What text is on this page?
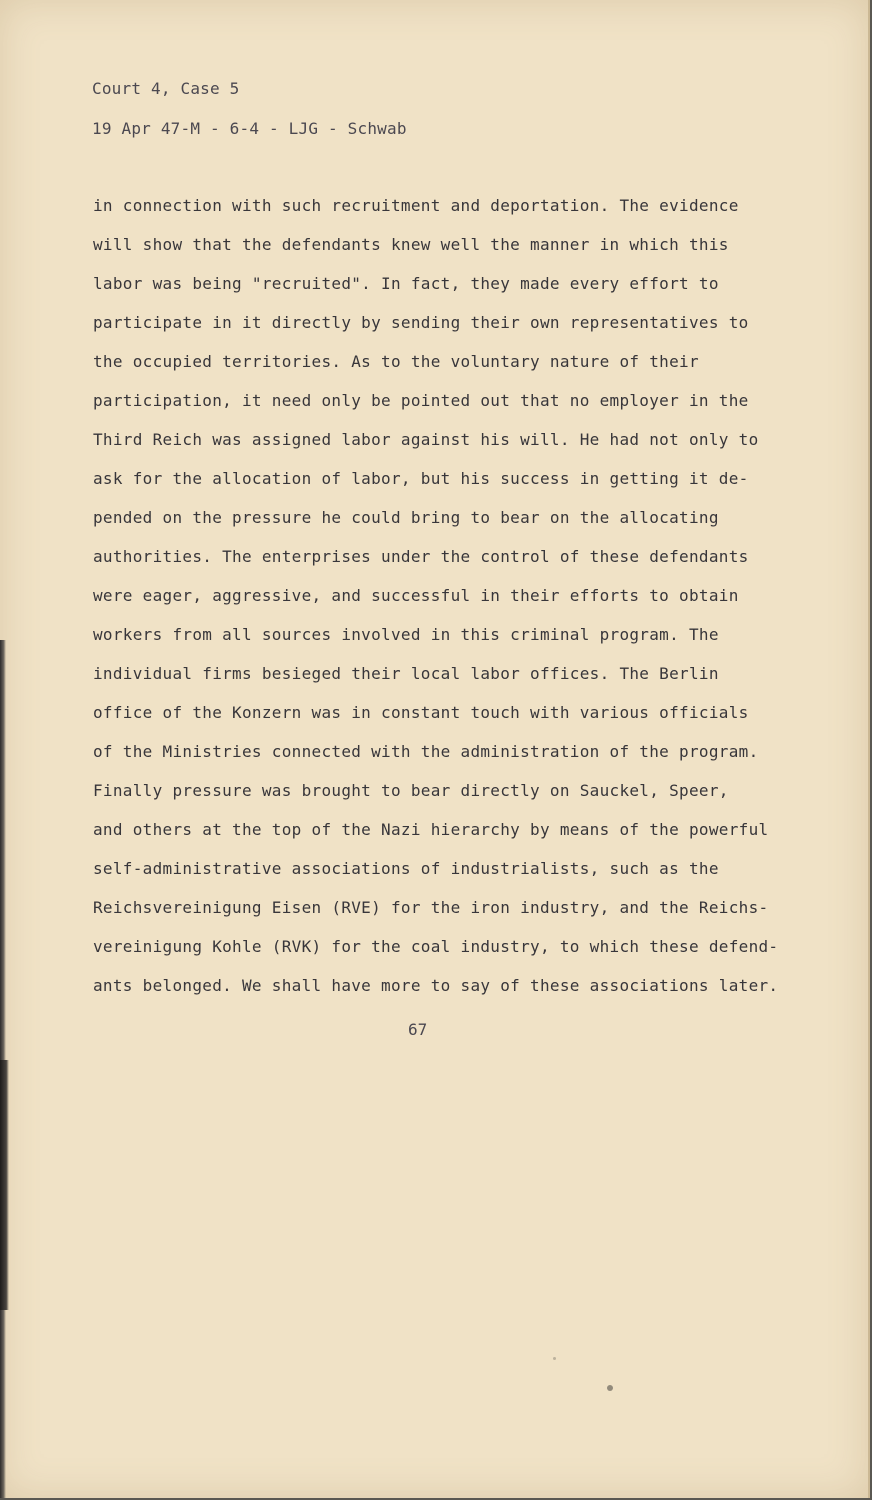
Court 4, Case 5
19 Apr 47-M - 6-4 - LJG - Schwab
in connection with such recruitment and deportation. The evidence
will show that the defendants knew well the manner in which this
labor was being "recruited". In fact, they made every effort to
participate in it directly by sending their own representatives to
the occupied territories. As to the voluntary nature of their
participation, it need only be pointed out that no employer in the
Third Reich was assigned labor against his will. He had not only to
ask for the allocation of labor, but his success in getting it de-
pended on the pressure he could bring to bear on the allocating
authorities. The enterprises under the control of these defendants
were eager, aggressive, and successful in their efforts to obtain
workers from all sources involved in this criminal program. The
individual firms besieged their local labor offices. The Berlin
office of the Konzern was in constant touch with various officials
of the Ministries connected with the administration of the program.
Finally pressure was brought to bear directly on Sauckel, Speer,
and others at the top of the Nazi hierarchy by means of the powerful
self-administrative associations of industrialists, such as the
Reichsvereinigung Eisen (RVE) for the iron industry, and the Reichs-
vereinigung Kohle (RVK) for the coal industry, to which these defend-
ants belonged. We shall have more to say of these associations later.
67
